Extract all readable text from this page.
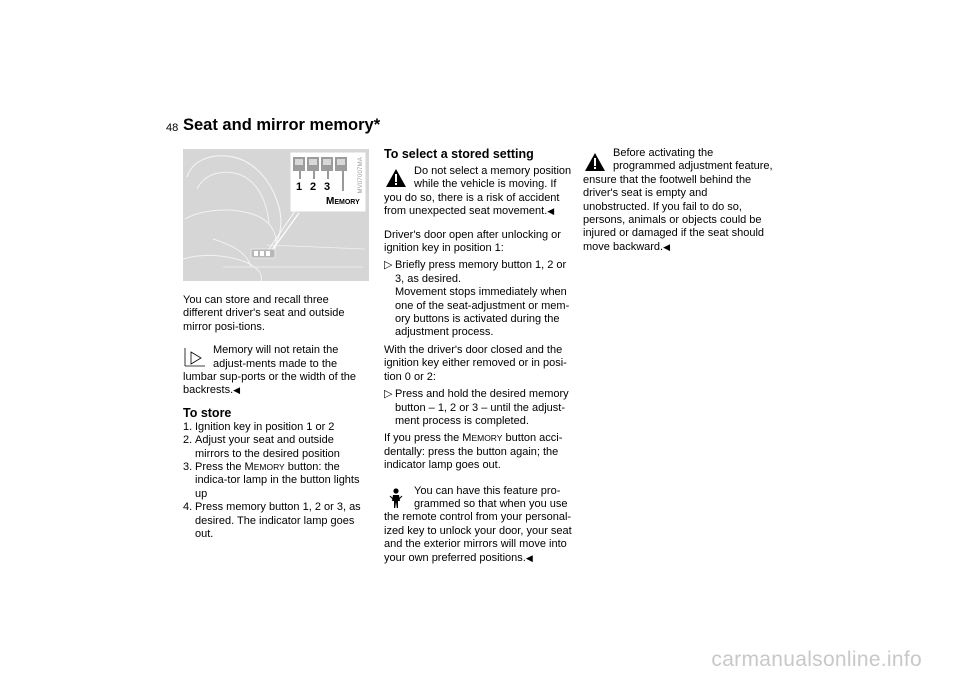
48 Seat and mirror memory*
1 2 3
MEMORY
MV07007MA

You can store and recall three different driver's seat and outside mirror posi-tions.

Memory will not retain the adjust-ments made to the lumbar sup-ports or the width of the backrests.◀

To store
1. Ignition key in position 1 or 2
2. Adjust your seat and outside mirrors to the desired position
3. Press the MEMORY button: the indica-tor lamp in the button lights up
4. Press memory button 1, 2 or 3, as desired. The indicator lamp goes out.
To select a stored setting

Do not select a memory position while the vehicle is moving. If you do so, there is a risk of accident from unexpected seat movement.◀

Driver's door open after unlocking or ignition key in position 1:

▷ Briefly press memory button 1, 2 or 3, as desired.
Movement stops immediately when one of the seat-adjustment or mem-ory buttons is activated during the adjustment process.

With the driver's door closed and the ignition key either removed or in posi-tion 0 or 2:

▷ Press and hold the desired memory button – 1, 2 or 3 – until the adjust-ment process is completed.

If you press the MEMORY button acci-dentally: press the button again; the indicator lamp goes out.

You can have this feature pro-grammed so that when you use the remote control from your personal-ized key to unlock your door, your seat and the exterior mirrors will move into your own preferred positions.◀

Before activating the programmed adjustment feature, ensure that the footwell behind the driver's seat is empty and unobstructed. If you fail to do so, persons, animals or objects could be injured or damaged if the seat should move backward.◀

carmanualsonline.info
